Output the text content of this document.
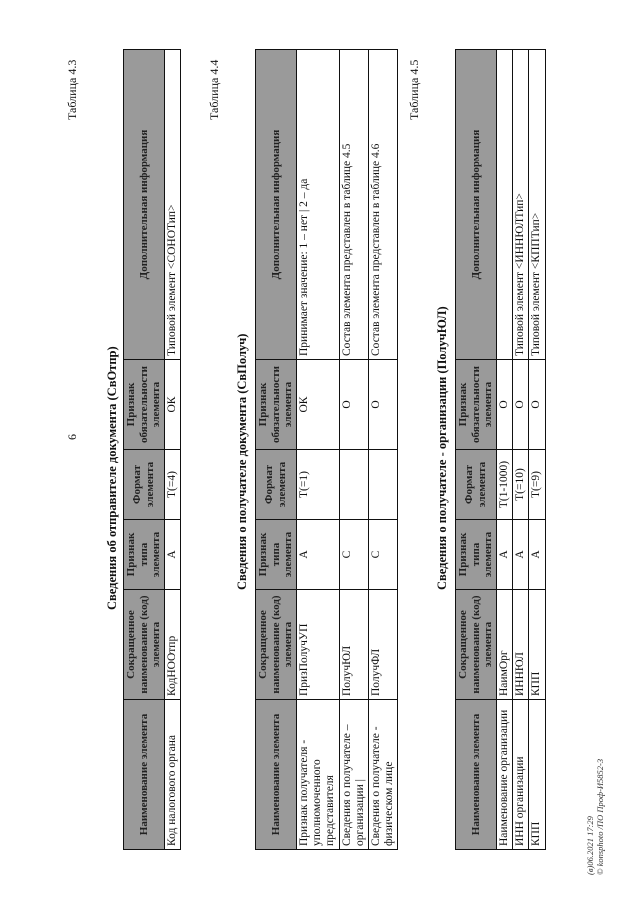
6
Таблица 4.3
Сведения об отправителе документа (СвОтпр)
Наименование элемента	Сокращенное наименование (код) элемента	Признак типа элемента	Формат элемента	Признак обязательности элемента	Дополнительная информация
Код налогового органа	КодНООтпр	А	Т(=4)	ОК	Типовой элемент <СОНОТип>
Таблица 4.4
Сведения о получателе документа (СвПолуч)
Наименование элемента	Сокращенное наименование (код) элемента	Признак типа элемента	Формат элемента	Признак обязательности элемента	Дополнительная информация
Признак получателя - уполномоченного представителя	ПризПолучУП	А	Т(=1)	ОК	Принимает значение: 1 – нет | 2 – да
Сведения о получателе – организации |	ПолучЮЛ	С		О	Состав элемента представлен в таблице 4.5
Сведения о получателе - физическом лице	ПолучФЛ	С		О	Состав элемента представлен в таблице 4.6
Таблица 4.5
Сведения о получателе - организации (ПолучЮЛ)
Наименование элемента	Сокращенное наименование (код) элемента	Признак типа элемента	Формат элемента	Признак обязательности элемента	Дополнительная информация
Наименование организации	НаимОрг	А	Т(1-1000)	О	
ИНН организации	ИННЮЛ	А	Т(=10)	О	Типовой элемент <ИННЮЛТип>
КПП	КПП	А	Т(=9)	О	Типовой элемент <КППТип>
(в)06.2021 17:29 © konsphoto /ПО Проф-И5852-3
